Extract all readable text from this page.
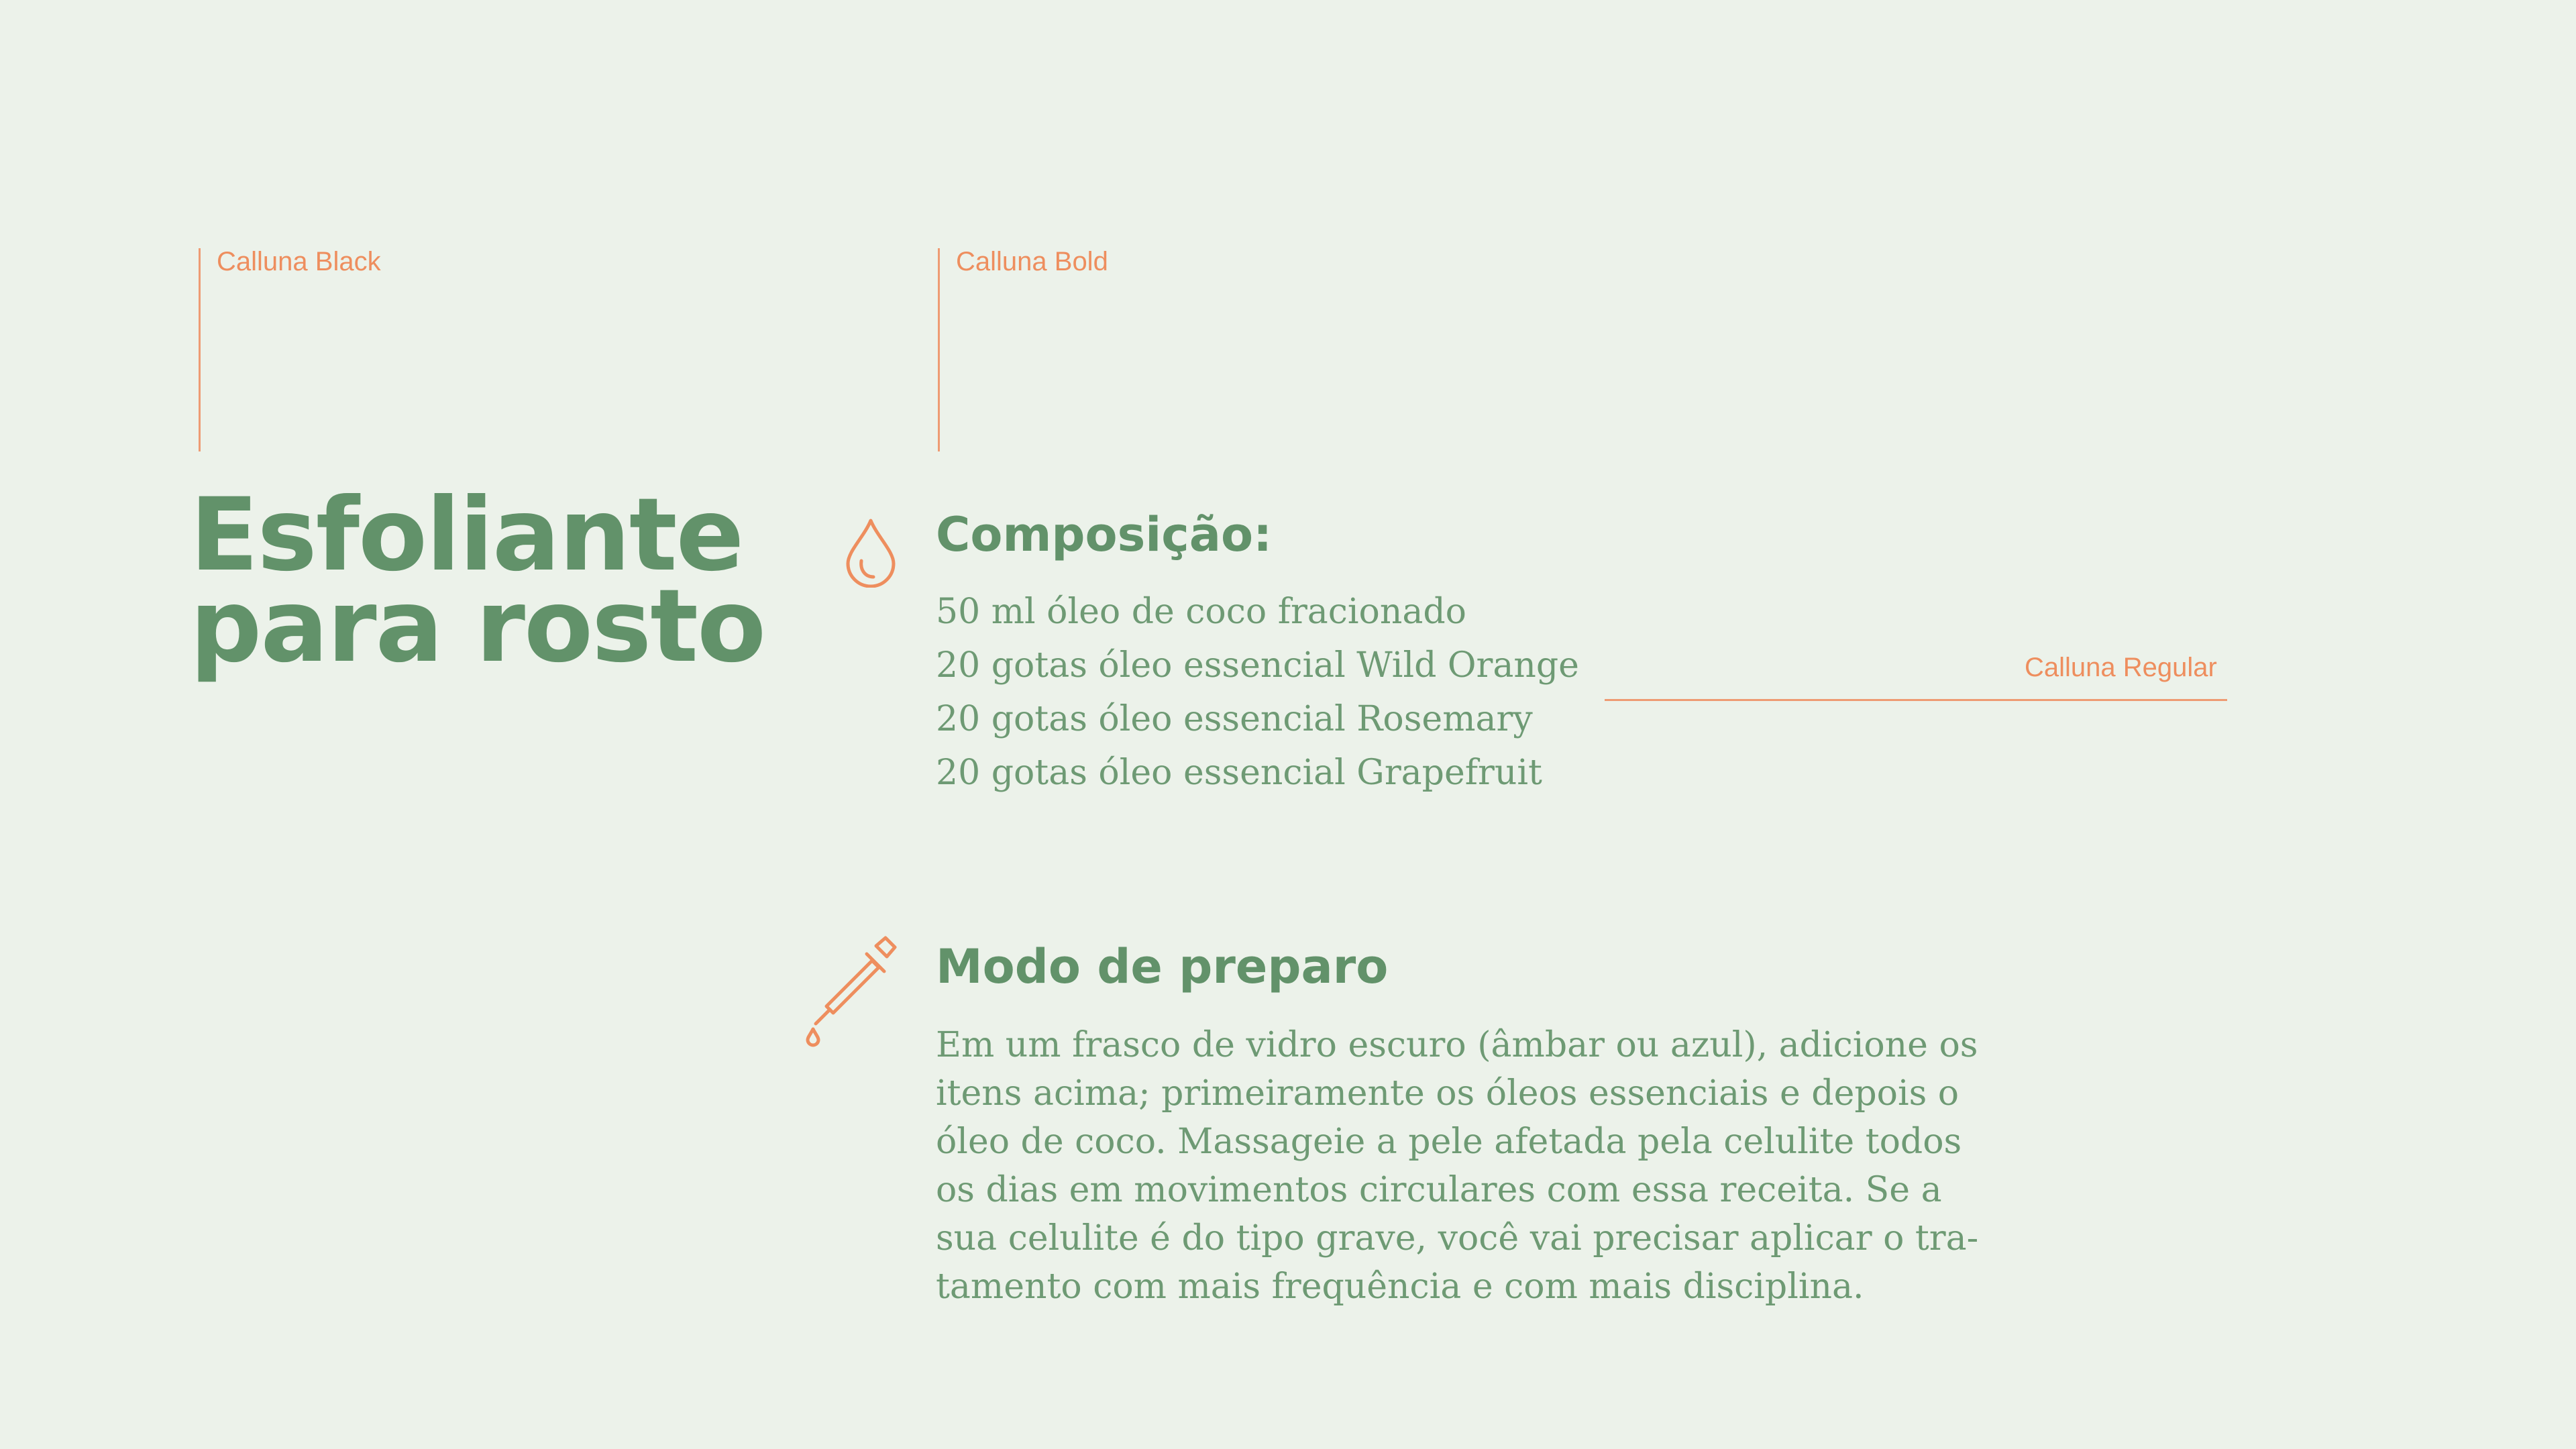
Calluna Black	Calluna Bold
Calluna Regular
Esfoliante
para rosto
Composição:
50 ml óleo de coco fracionado
20 gotas óleo essencial Wild Orange
20 gotas óleo essencial Rosemary
20 gotas óleo essencial Grapefruit
Modo de preparo

Em um frasco de vidro escuro (âmbar ou azul), adicione os
itens acima; primeiramente os óleos essenciais e depois o
óleo de coco. Massageie a pele afetada pela celulite todos
os dias em movimentos circulares com essa receita. Se a
sua celulite é do tipo grave, você vai precisar aplicar o tra-
tamento com mais frequência e com mais disciplina.
